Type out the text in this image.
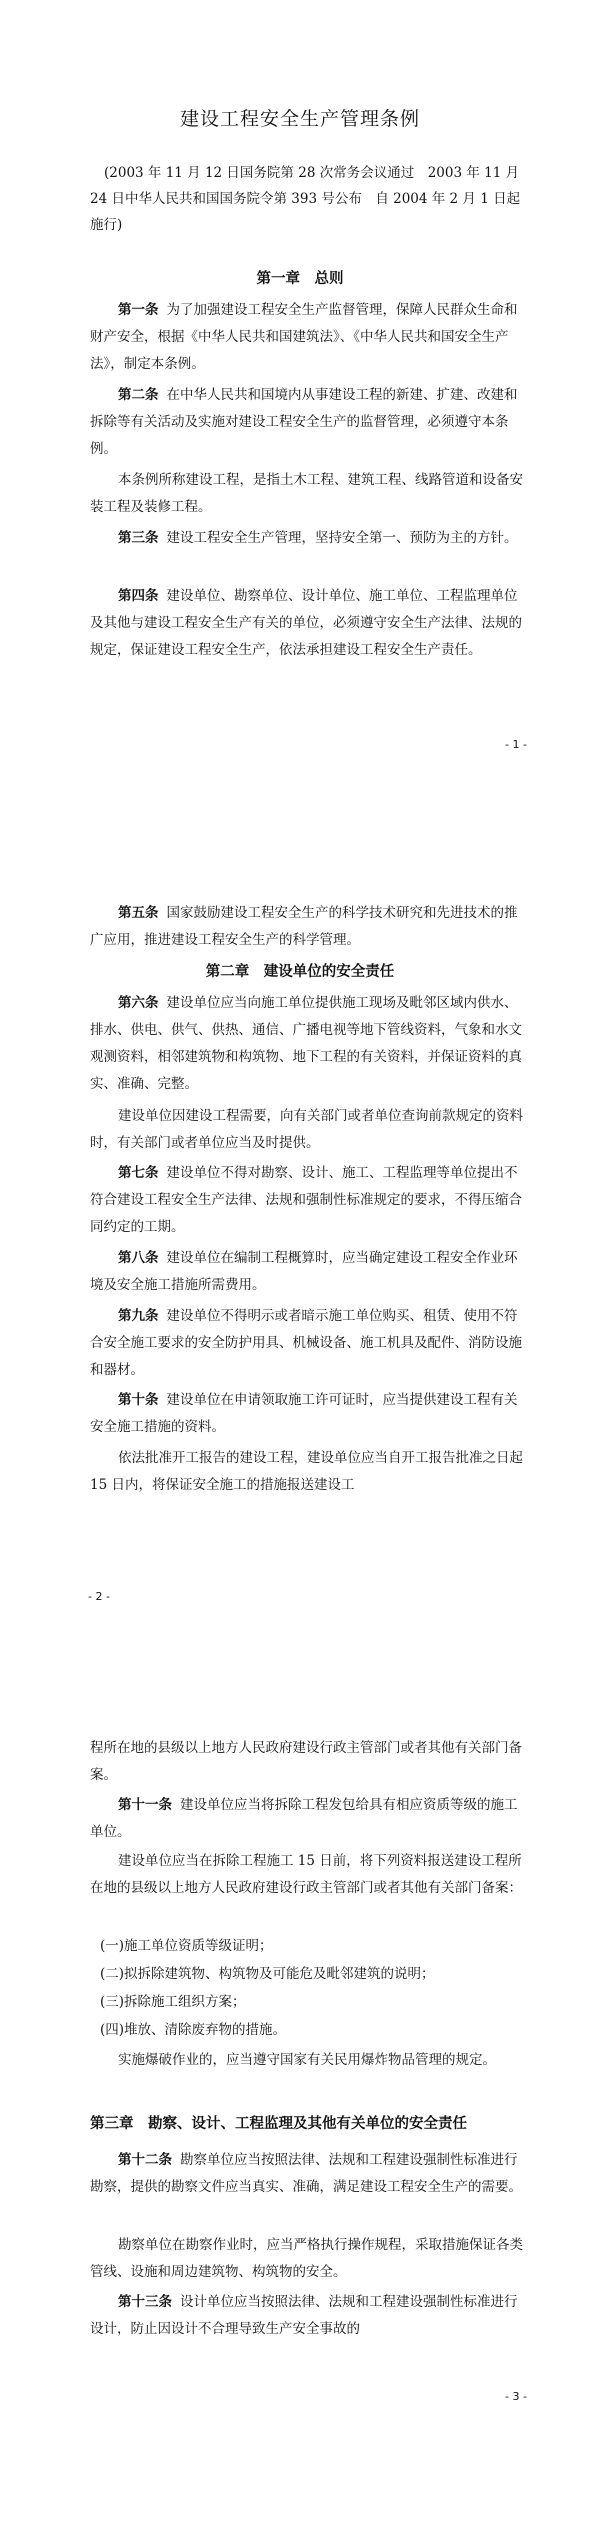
建设工程安全生产管理条例
(2003 年 11 月 12 日国务院第 28 次常务会议通过　2003 年 11 月 24 日中华人民共和国国务院令第 393 号公布　自 2004 年 2 月 1 日起施行)
第一章　总则

第一条 为了加强建设工程安全生产监督管理，保障人民群众生命和财产安全，根据《中华人民共和国建筑法》、《中华人民共和国安全生产法》，制定本条例。

第二条 在中华人民共和国境内从事建设工程的新建、扩建、改建和拆除等有关活动及实施对建设工程安全生产的监督管理，必须遵守本条例。

本条例所称建设工程，是指土木工程、建筑工程、线路管道和设备安装工程及装修工程。

第三条 建设工程安全生产管理，坚持安全第一、预防为主的方针。

第四条 建设单位、勘察单位、设计单位、施工单位、工程监理单位及其他与建设工程安全生产有关的单位，必须遵守安全生产法律、法规的规定，保证建设工程安全生产，依法承担建设工程安全生产责任。

- 1 -

第五条 国家鼓励建设工程安全生产的科学技术研究和先进技术的推广应用，推进建设工程安全生产的科学管理。

第二章　建设单位的安全责任

第六条 建设单位应当向施工单位提供施工现场及毗邻区域内供水、排水、供电、供气、供热、通信、广播电视等地下管线资料，气象和水文观测资料，相邻建筑物和构筑物、地下工程的有关资料，并保证资料的真实、准确、完整。

建设单位因建设工程需要，向有关部门或者单位查询前款规定的资料时，有关部门或者单位应当及时提供。

第七条 建设单位不得对勘察、设计、施工、工程监理等单位提出不符合建设工程安全生产法律、法规和强制性标准规定的要求，不得压缩合同约定的工期。

第八条 建设单位在编制工程概算时，应当确定建设工程安全作业环境及安全施工措施所需费用。

第九条 建设单位不得明示或者暗示施工单位购买、租赁、使用不符合安全施工要求的安全防护用具、机械设备、施工机具及配件、消防设施和器材。

第十条 建设单位在申请领取施工许可证时，应当提供建设工程有关安全施工措施的资料。

依法批准开工报告的建设工程，建设单位应当自开工报告批准之日起 15 日内，将保证安全施工的措施报送建设工

- 2 -

程所在地的县级以上地方人民政府建设行政主管部门或者其他有关部门备案。

第十一条 建设单位应当将拆除工程发包给具有相应资质等级的施工单位。

建设单位应当在拆除工程施工 15 日前，将下列资料报送建设工程所在地的县级以上地方人民政府建设行政主管部门或者其他有关部门备案：

(一)施工单位资质等级证明；
(二)拟拆除建筑物、构筑物及可能危及毗邻建筑的说明；
(三)拆除施工组织方案；
(四)堆放、清除废弃物的措施。

实施爆破作业的，应当遵守国家有关民用爆炸物品管理的规定。

第三章　勘察、设计、工程监理及其他有关单位的安全责任

第十二条 勘察单位应当按照法律、法规和工程建设强制性标准进行勘察，提供的勘察文件应当真实、准确，满足建设工程安全生产的需要。

勘察单位在勘察作业时，应当严格执行操作规程，采取措施保证各类管线、设施和周边建筑物、构筑物的安全。

第十三条 设计单位应当按照法律、法规和工程建设强制性标准进行设计，防止因设计不合理导致生产安全事故的

- 3 -
